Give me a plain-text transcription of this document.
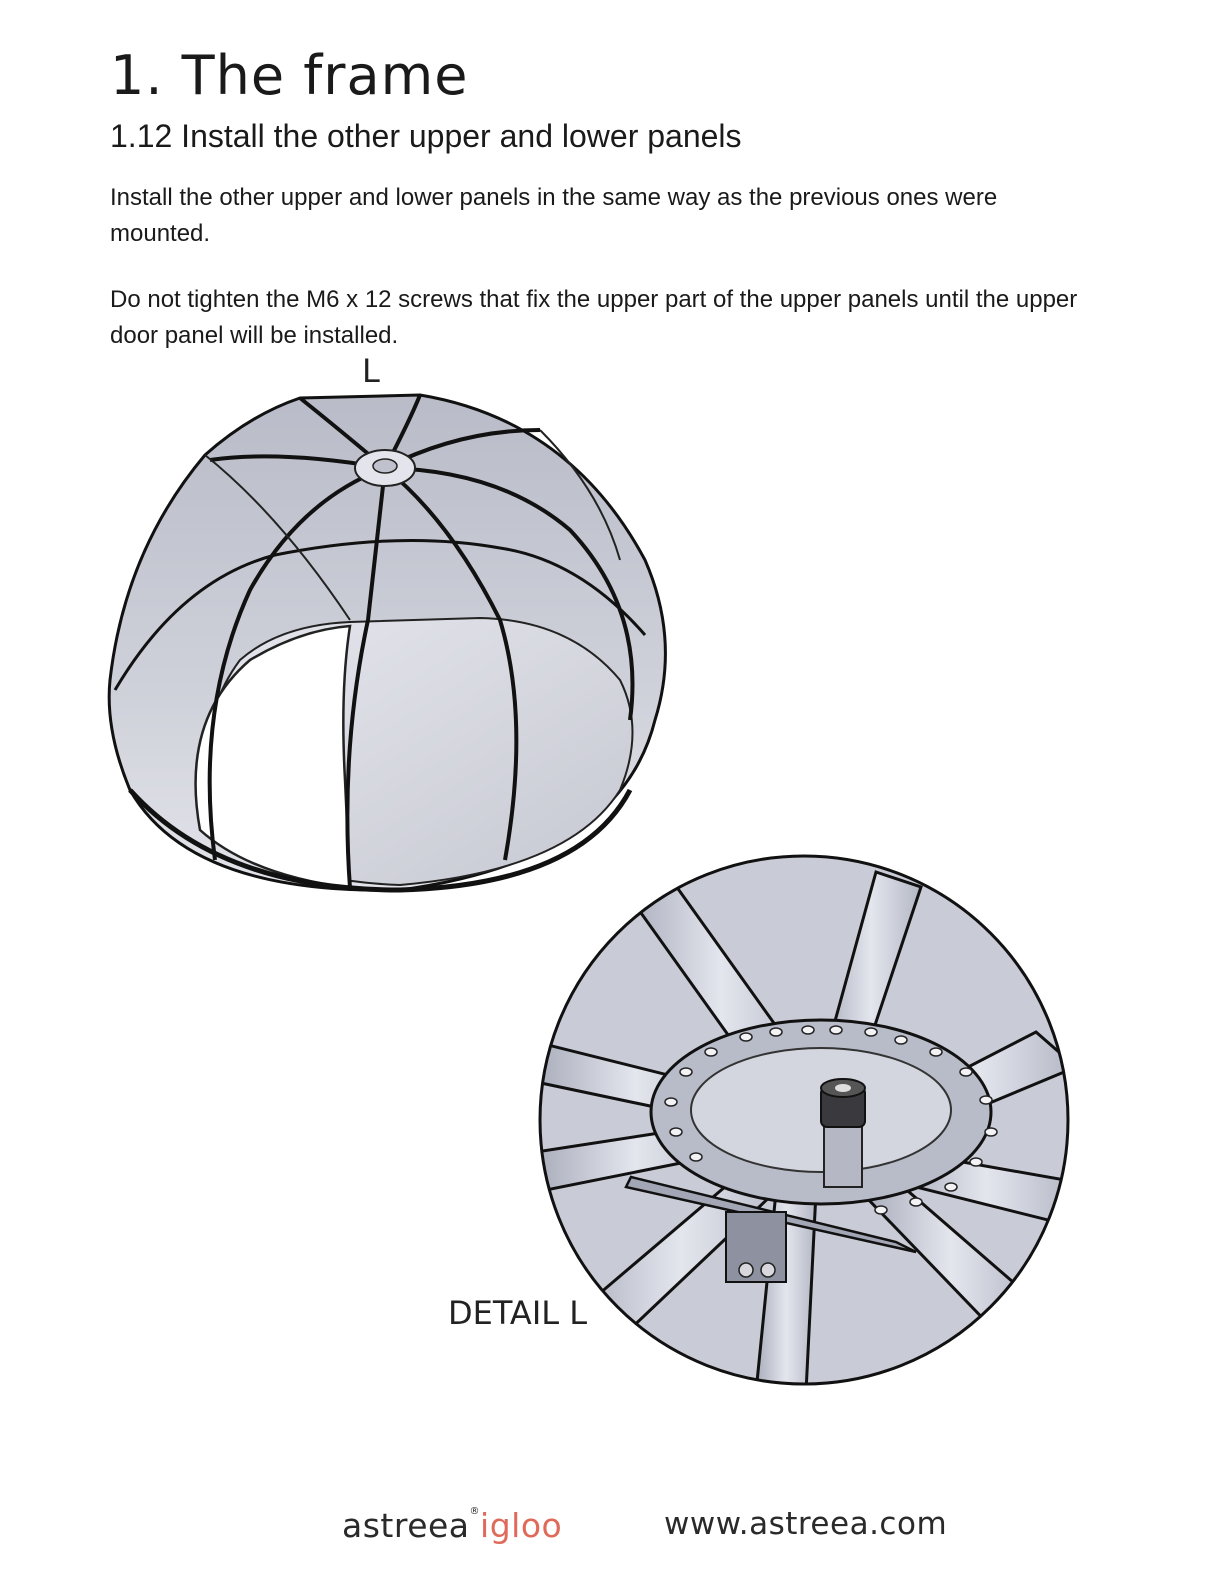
1. The frame
1.12 Install the other upper and lower panels

Install the other upper and lower panels in the same way as the previous ones were mounted.

Do not tighten the M6 x 12 screws that fix the upper part of the upper panels until the upper door panel will be installed.

L
DETAIL L
astreea®igloo	www.astreea.com
